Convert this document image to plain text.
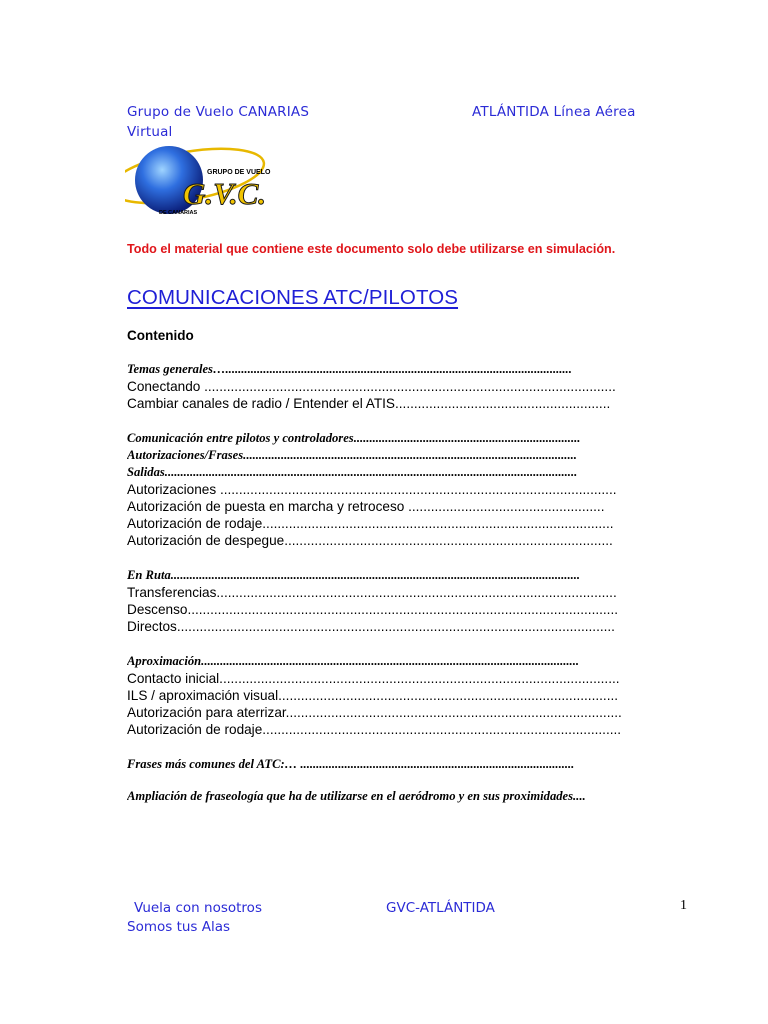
Grupo de Vuelo CANARIAS
Virtual
ATLÁNTIDA Línea Aérea
GRUPO DE VUELO
G.V.C.
DE CANARIAS
Todo el material que contiene este documento solo debe utilizarse en simulación.
COMUNICACIONES ATC/PILOTOS
Contenido
Temas generales…..............................................................................................................
Conectando .............................................................................................................
Cambiar canales de radio / Entender el ATIS.........................................................
Comunicación entre pilotos y controladores........................................................................
Autorizaciones/Frases..........................................................................................................
Salidas...................................................................................................................................
Autorizaciones .........................................................................................................
Autorización de puesta en marcha y retroceso ....................................................
Autorización de rodaje.............................................................................................
Autorización de despegue.......................................................................................
En Ruta..................................................................................................................................
Transferencias..........................................................................................................
Descenso..................................................................................................................
Directos....................................................................................................................
Aproximación........................................................................................................................
Contacto inicial..........................................................................................................
ILS / aproximación visual..........................................................................................
Autorización para aterrizar.........................................................................................
Autorización de rodaje...............................................................................................
Frases más comunes del ATC:… .......................................................................................
Ampliación de fraseología que ha de utilizarse en el aeródromo y en sus proximidades....
Vuela con nosotros
Somos tus Alas
GVC-ATLÁNTIDA	1
